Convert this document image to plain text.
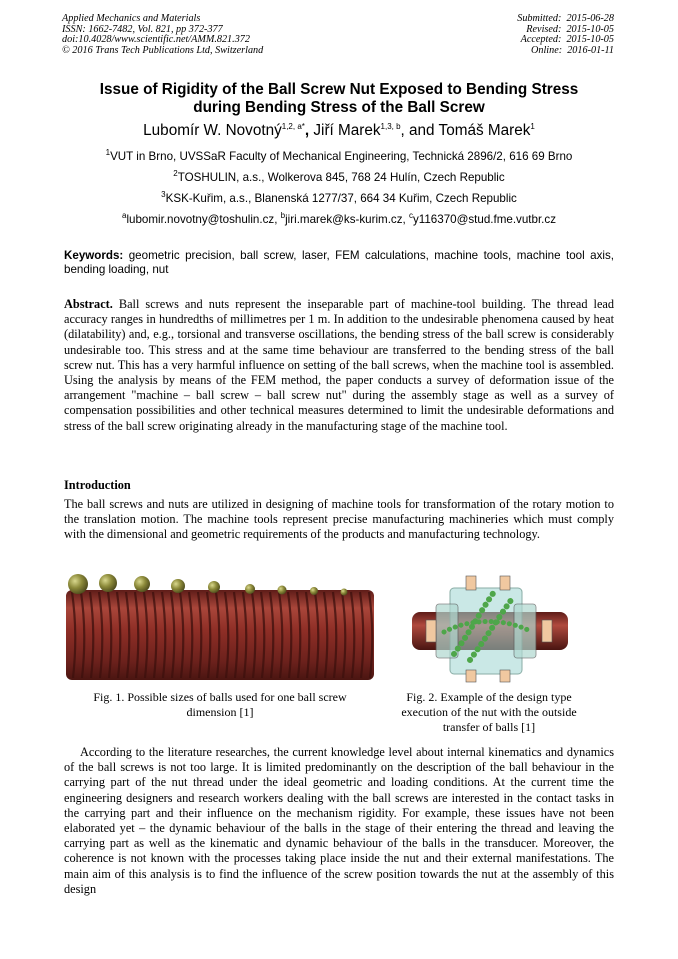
Applied Mechanics and Materials
ISSN: 1662-7482, Vol. 821, pp 372-377
doi:10.4028/www.scientific.net/AMM.821.372
© 2016 Trans Tech Publications Ltd, Switzerland
Submitted:  2015-06-28
Revised:  2015-10-05
Accepted:  2015-10-05
Online:  2016-01-11
Issue of Rigidity of the Ball Screw Nut Exposed to Bending Stress
during Bending Stress of the Ball Screw
Lubomír W. Novotný$^{1,2, a*}$, Jiří Marek$^{1,3, b}$, and Tomáš Marek$^1$
$^1$VUT in Brno, UVSSaR Faculty of Mechanical Engineering, Technická 2896/2, 616 69 Brno
$^2$TOSHULIN, a.s., Wolkerova 845, 768 24 Hulín, Czech Republic
$^3$KSK-Kuřim, a.s., Blanenská 1277/37, 664 34 Kuřim, Czech Republic
$^a$lubomir.novotny@toshulin.cz, $^b$jiri.marek@ks-kurim.cz, $^c$y116370@stud.fme.vutbr.cz
Keywords: geometric precision, ball screw, laser, FEM calculations, machine tools, machine tool axis, bending loading, nut
Abstract. Ball screws and nuts represent the inseparable part of machine-tool building. The thread lead accuracy ranges in hundredths of millimetres per 1 m. In addition to the undesirable phenomena caused by heat (dilatability) and, e.g., torsional and transverse oscillations, the bending stress of the ball screw is considerably undesirable too. This stress and at the same time behaviour are transferred to the bending stress of the ball screw nut. This has a very harmful influence on setting of the ball screws, when the machine tool is assembled. Using the analysis by means of the FEM method, the paper conducts a survey of deformation issue of the arrangement "machine – ball screw – ball screw nut" during the assembly stage as well as a survey of compensation possibilities and other technical measures determined to limit the undesirable deformations and stress of the ball screw originating already in the manufacturing stage of the machine tool.
Introduction
The ball screws and nuts are utilized in designing of machine tools for transformation of the rotary motion to the translation motion. The machine tools represent precise manufacturing machineries which must comply with the dimensional and geometric requirements of the products and manufacturing technology.
Fig. 1. Possible sizes of balls used for one ball screw dimension [1]
Fig. 2. Example of the design type execution of the nut with the outside transfer of balls [1]
According to the literature researches, the current knowledge level about internal kinematics and dynamics of the ball screws is not too large. It is limited predominantly on the description of the ball behaviour in the carrying part of the nut thread under the ideal geometric and loading conditions. At the current time the engineering designers and research workers dealing with the ball screws are interested in the contact tasks in the carrying part and their influence on the mechanism rigidity. For example, these issues have not been elaborated yet – the dynamic behaviour of the balls in the stage of their entering the thread and leaving the carrying part as well as the kinematic and dynamic behaviour of the balls in the transducer. Moreover, the coherence is not known with the processes taking place inside the nut and their external manifestations. The main aim of this analysis is to find the influence of the screw position towards the nut at the assembly of this design
